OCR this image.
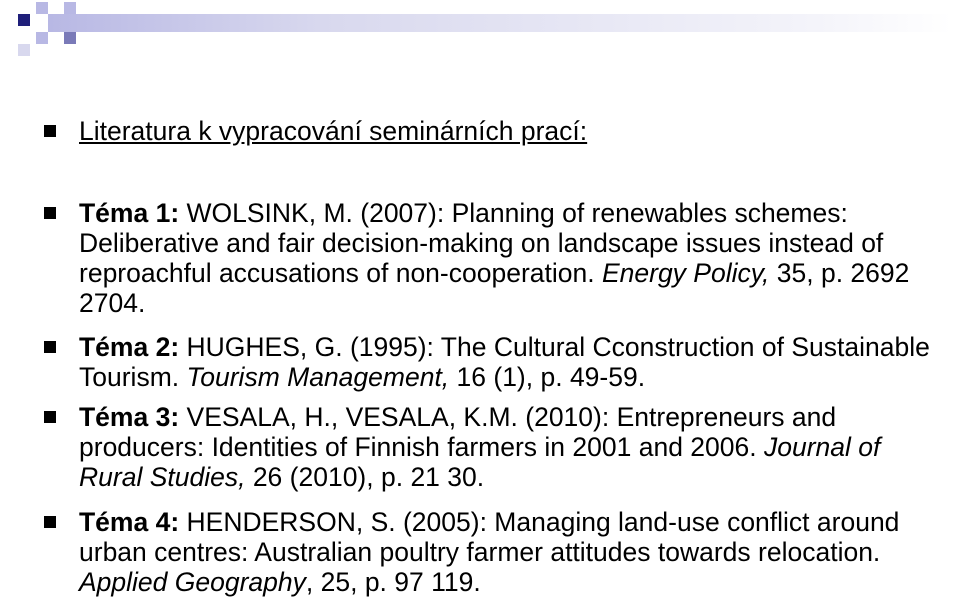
Literatura k vypracování seminárních prací:
Téma 1: WOLSINK, M. (2007): Planning of renewables schemes: Deliberative and fair decision-making on landscape issues instead of reproachful accusations of non-cooperation. Energy Policy, 35, p. 2692 2704.
Téma 2: HUGHES, G. (1995): The Cultural Cconstruction of Sustainable Tourism. Tourism Management, 16 (1), p. 49-59.
Téma 3: VESALA, H., VESALA, K.M. (2010): Entrepreneurs and producers: Identities of Finnish farmers in 2001 and 2006. Journal of Rural Studies, 26 (2010), p. 21 30.
Téma 4: HENDERSON, S. (2005): Managing land-use conflict around urban centres: Australian poultry farmer attitudes towards relocation. Applied Geography, 25, p. 97 119.
